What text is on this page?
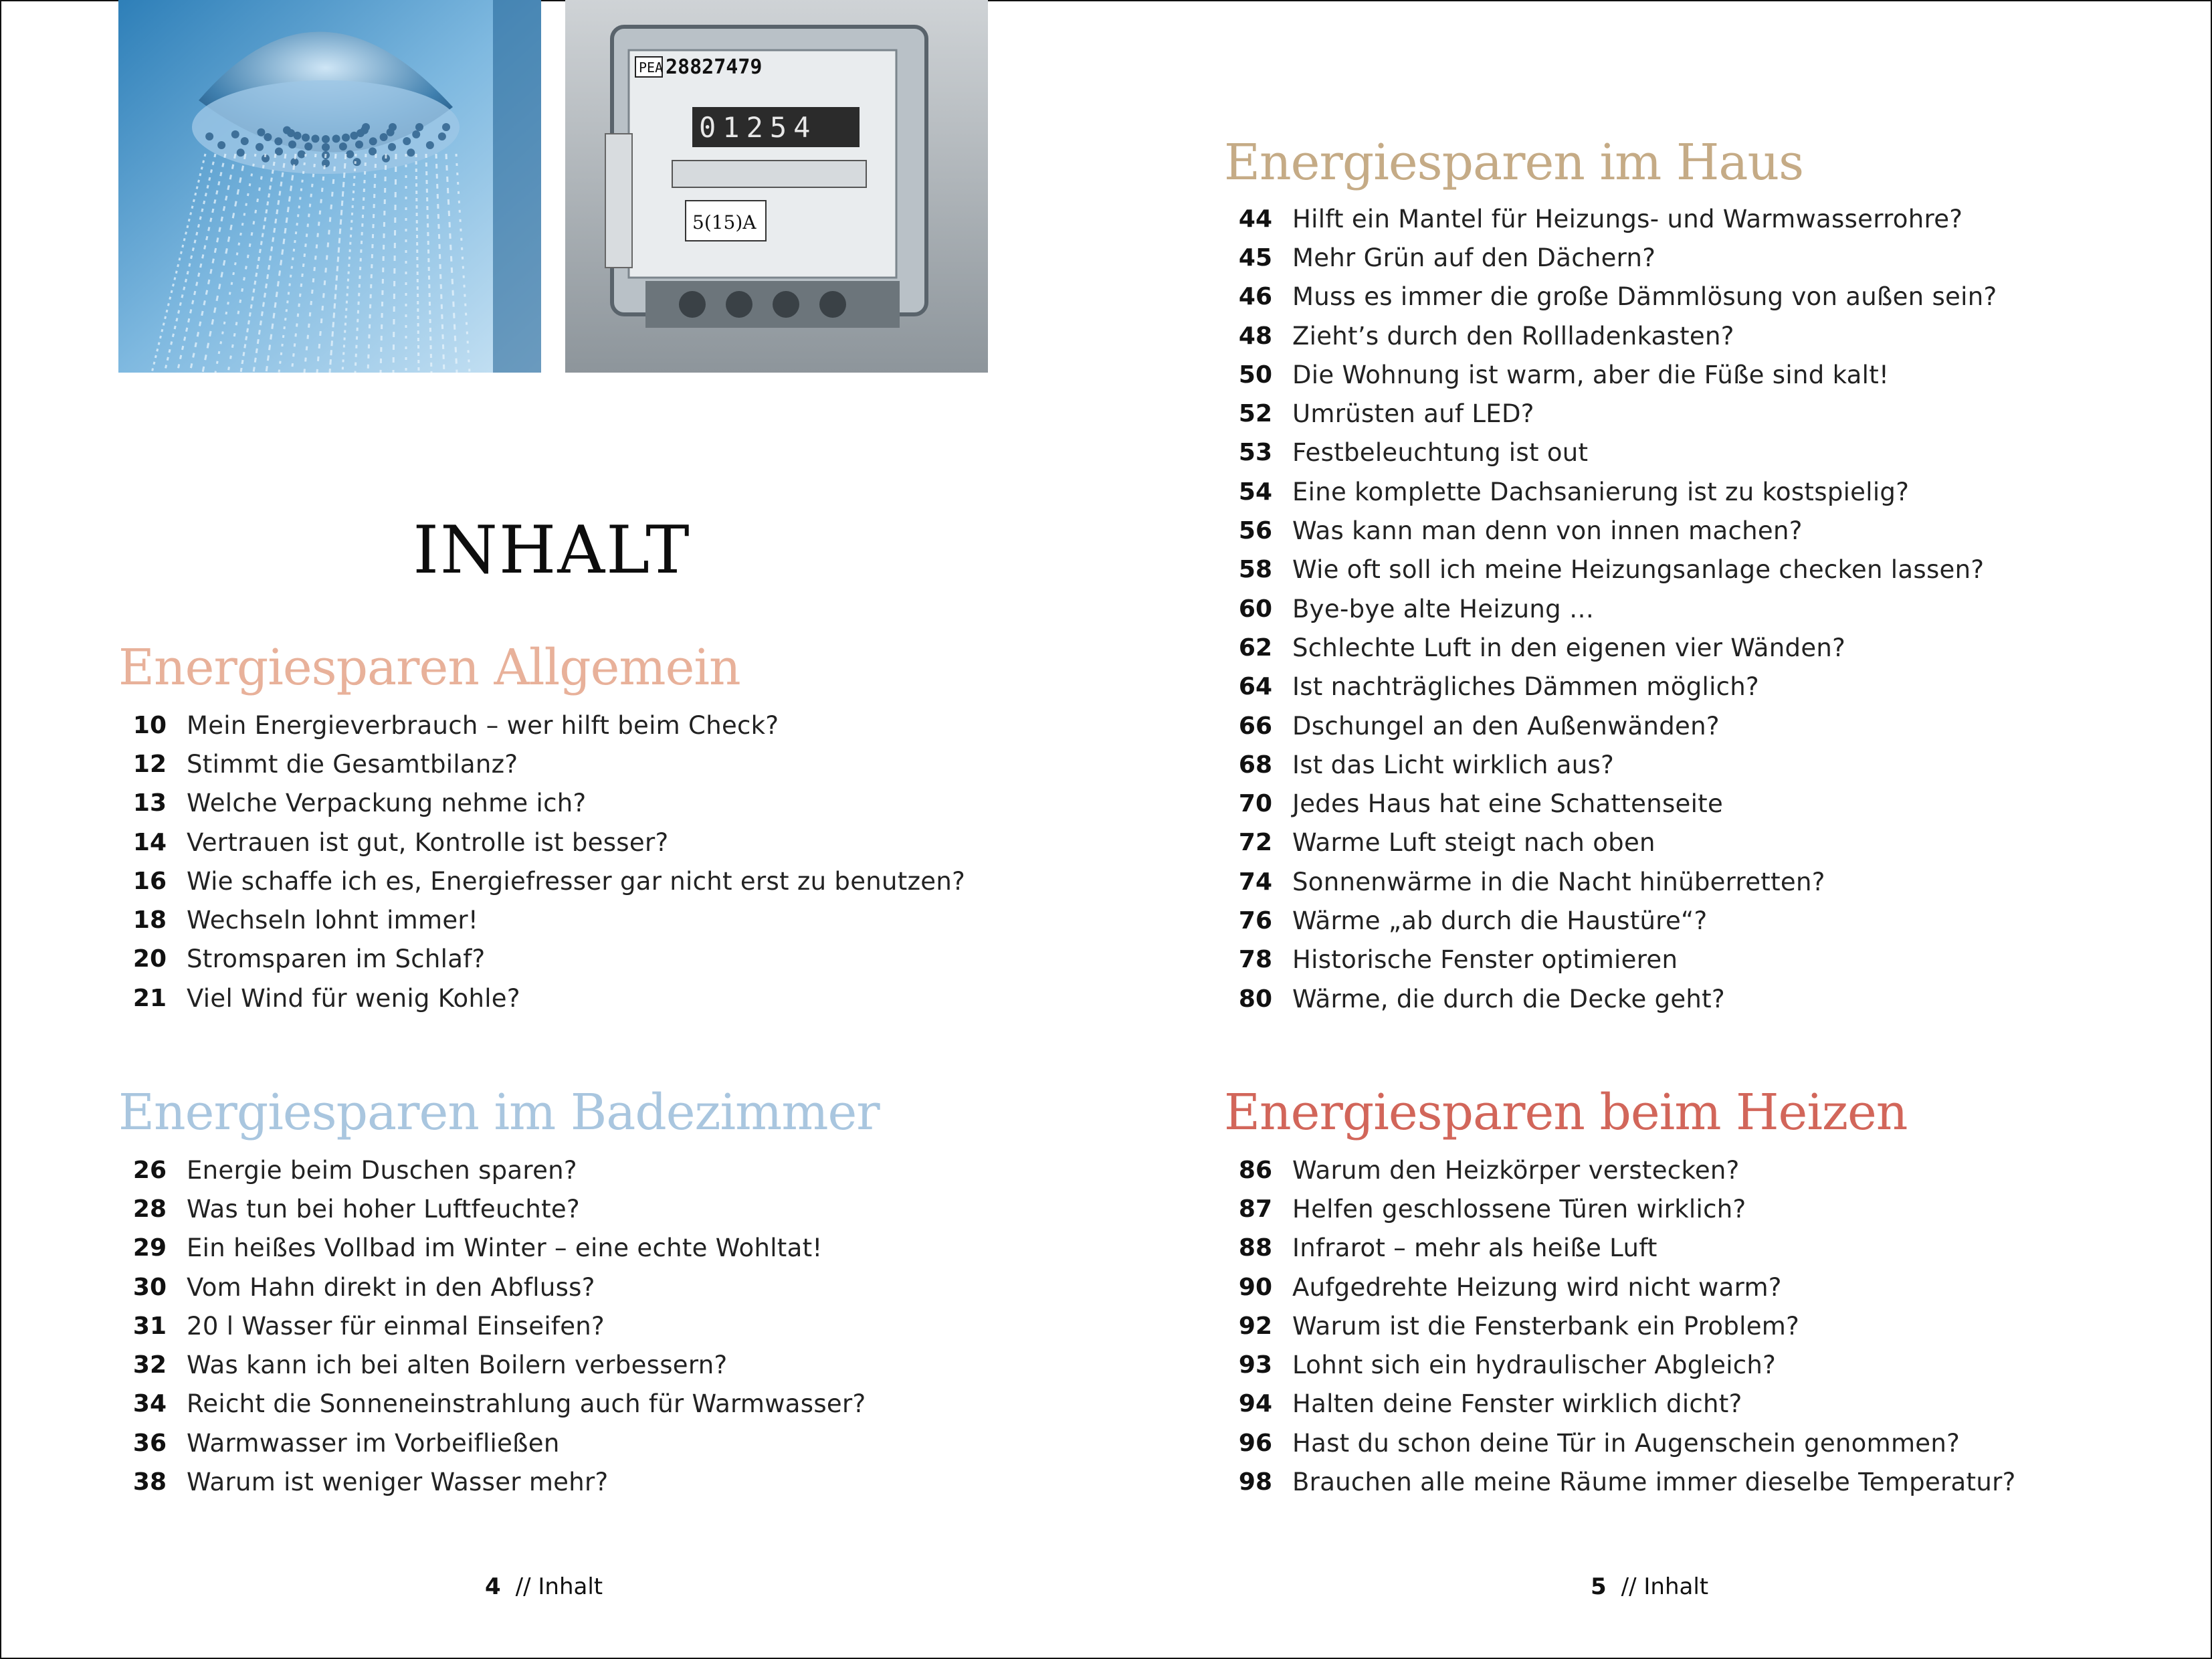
PEA 28827479
01254
5(15)A
INHALT
Energiesparen Allgemein
10 Mein Energieverbrauch – wer hilft beim Check?
12 Stimmt die Gesamtbilanz?
13 Welche Verpackung nehme ich?
14 Vertrauen ist gut, Kontrolle ist besser?
16 Wie schaffe ich es, Energiefresser gar nicht erst zu benutzen?
18 Wechseln lohnt immer!
20 Stromsparen im Schlaf?
21 Viel Wind für wenig Kohle?
Energiesparen im Badezimmer
26 Energie beim Duschen sparen?
28 Was tun bei hoher Luftfeuchte?
29 Ein heißes Vollbad im Winter – eine echte Wohltat!
30 Vom Hahn direkt in den Abfluss?
31 20 l Wasser für einmal Einseifen?
32 Was kann ich bei alten Boilern verbessern?
34 Reicht die Sonneneinstrahlung auch für Warmwasser?
36 Warmwasser im Vorbeifließen
38 Warum ist weniger Wasser mehr?
Energiesparen im Haus
44 Hilft ein Mantel für Heizungs- und Warmwasserrohre?
45 Mehr Grün auf den Dächern?
46 Muss es immer die große Dämmlösung von außen sein?
48 Zieht’s durch den Rollladenkasten?
50 Die Wohnung ist warm, aber die Füße sind kalt!
52 Umrüsten auf LED?
53 Festbeleuchtung ist out
54 Eine komplette Dachsanierung ist zu kostspielig?
56 Was kann man denn von innen machen?
58 Wie oft soll ich meine Heizungsanlage checken lassen?
60 Bye-bye alte Heizung …
62 Schlechte Luft in den eigenen vier Wänden?
64 Ist nachträgliches Dämmen möglich?
66 Dschungel an den Außenwänden?
68 Ist das Licht wirklich aus?
70 Jedes Haus hat eine Schattenseite
72 Warme Luft steigt nach oben
74 Sonnenwärme in die Nacht hinüberretten?
76 Wärme „ab durch die Haustüre“?
78 Historische Fenster optimieren
80 Wärme, die durch die Decke geht?
Energiesparen beim Heizen
86 Warum den Heizkörper verstecken?
87 Helfen geschlossene Türen wirklich?
88 Infrarot – mehr als heiße Luft
90 Aufgedrehte Heizung wird nicht warm?
92 Warum ist die Fensterbank ein Problem?
93 Lohnt sich ein hydraulischer Abgleich?
94 Halten deine Fenster wirklich dicht?
96 Hast du schon deine Tür in Augenschein genommen?
98 Brauchen alle meine Räume immer dieselbe Temperatur?
4 // Inhalt	5 // Inhalt
